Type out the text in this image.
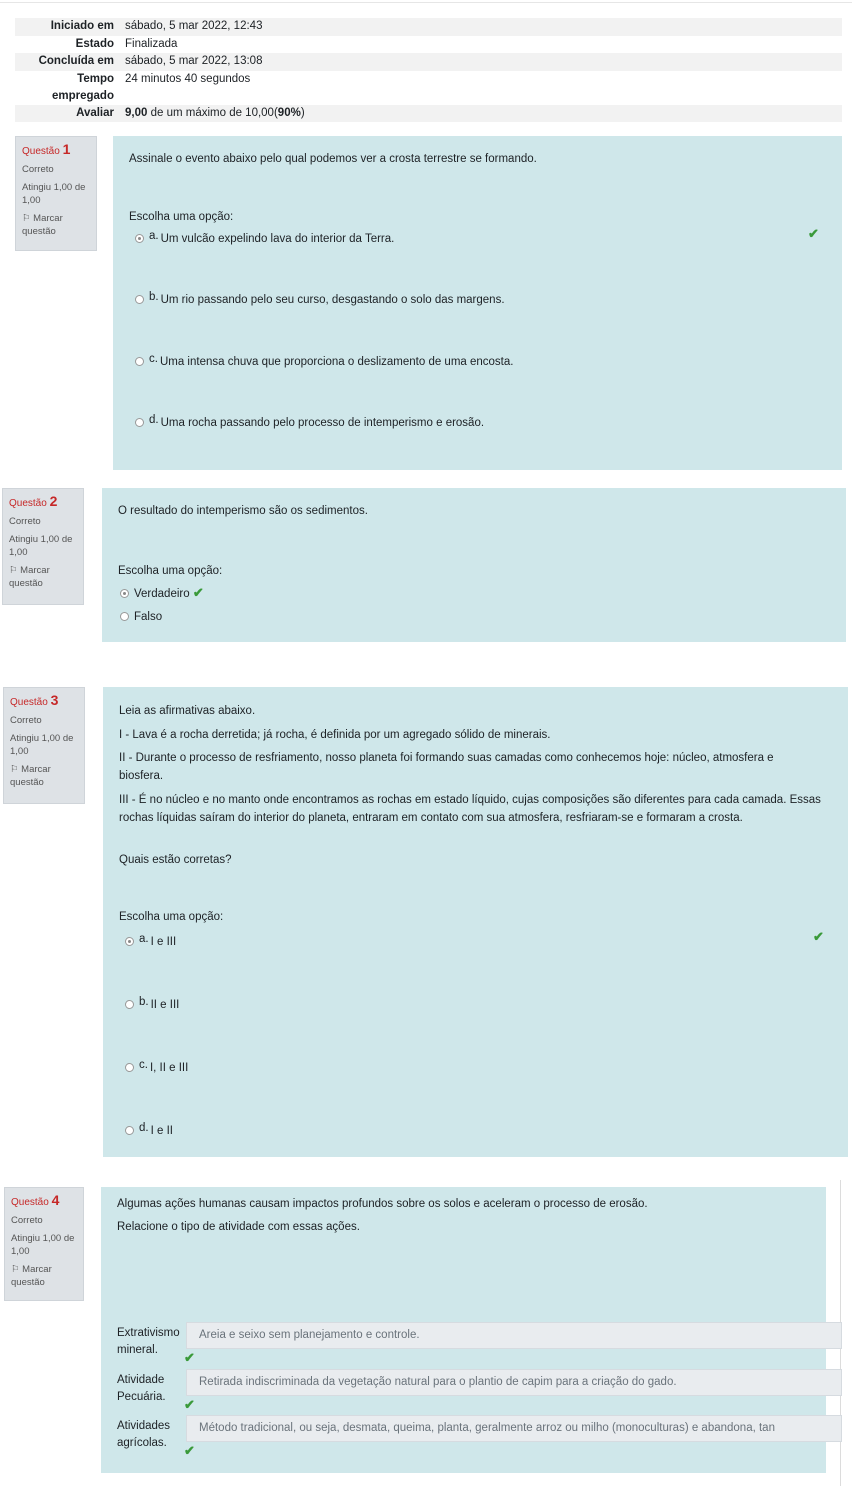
Iniciado em sábado, 5 mar 2022, 12:43
Estado Finalizada
Concluída em sábado, 5 mar 2022, 13:08
Tempo empregado
24 minutos 40 segundos
Avaliar 9,00 de um máximo de 10,00(90%)
Questão 1
Correto
Atingiu 1,00 de 1,00
⚐ Marcar questão
Assinale o evento abaixo pelo qual podemos ver a crosta terrestre se formando.
Escolha uma opção:
a. Um vulcão expelindo lava do interior da Terra.	✔
b. Um rio passando pelo seu curso, desgastando o solo das margens.
c. Uma intensa chuva que proporciona o deslizamento de uma encosta.
d. Uma rocha passando pelo processo de intemperismo e erosão.
Questão 2
Correto
Atingiu 1,00 de 1,00
⚐ Marcar questão
O resultado do intemperismo são os sedimentos.
Escolha uma opção:
Verdadeiro ✔
Falso
Questão 3
Correto
Atingiu 1,00 de 1,00
⚐ Marcar questão
Leia as afirmativas abaixo.
I - Lava é a rocha derretida; já rocha, é definida por um agregado sólido de minerais.
II - Durante o processo de resfriamento, nosso planeta foi formando suas camadas como conhecemos hoje: núcleo, atmosfera e biosfera.
III - É no núcleo e no manto onde encontramos as rochas em estado líquido, cujas composições são diferentes para cada camada. Essas rochas líquidas saíram do interior do planeta, entraram em contato com sua atmosfera, resfriaram-se e formaram a crosta.
Quais estão corretas?
Escolha uma opção:
a. I e III	✔
b. II e III
c. I, II e III
d. I e II
Questão 4
Correto
Atingiu 1,00 de 1,00
⚐ Marcar questão
Algumas ações humanas causam impactos profundos sobre os solos e aceleram o processo de erosão.
Relacione o tipo de atividade com essas ações.
Extrativismo mineral.
Areia e seixo sem planejamento e controle.
✔
Atividade Pecuária.
Retirada indiscriminada da vegetação natural para o plantio de capim para a criação do gado.
✔
Atividades agrícolas.
Método tradicional, ou seja, desmata, queima, planta, geralmente arroz ou milho (monoculturas) e abandona, tan
✔
